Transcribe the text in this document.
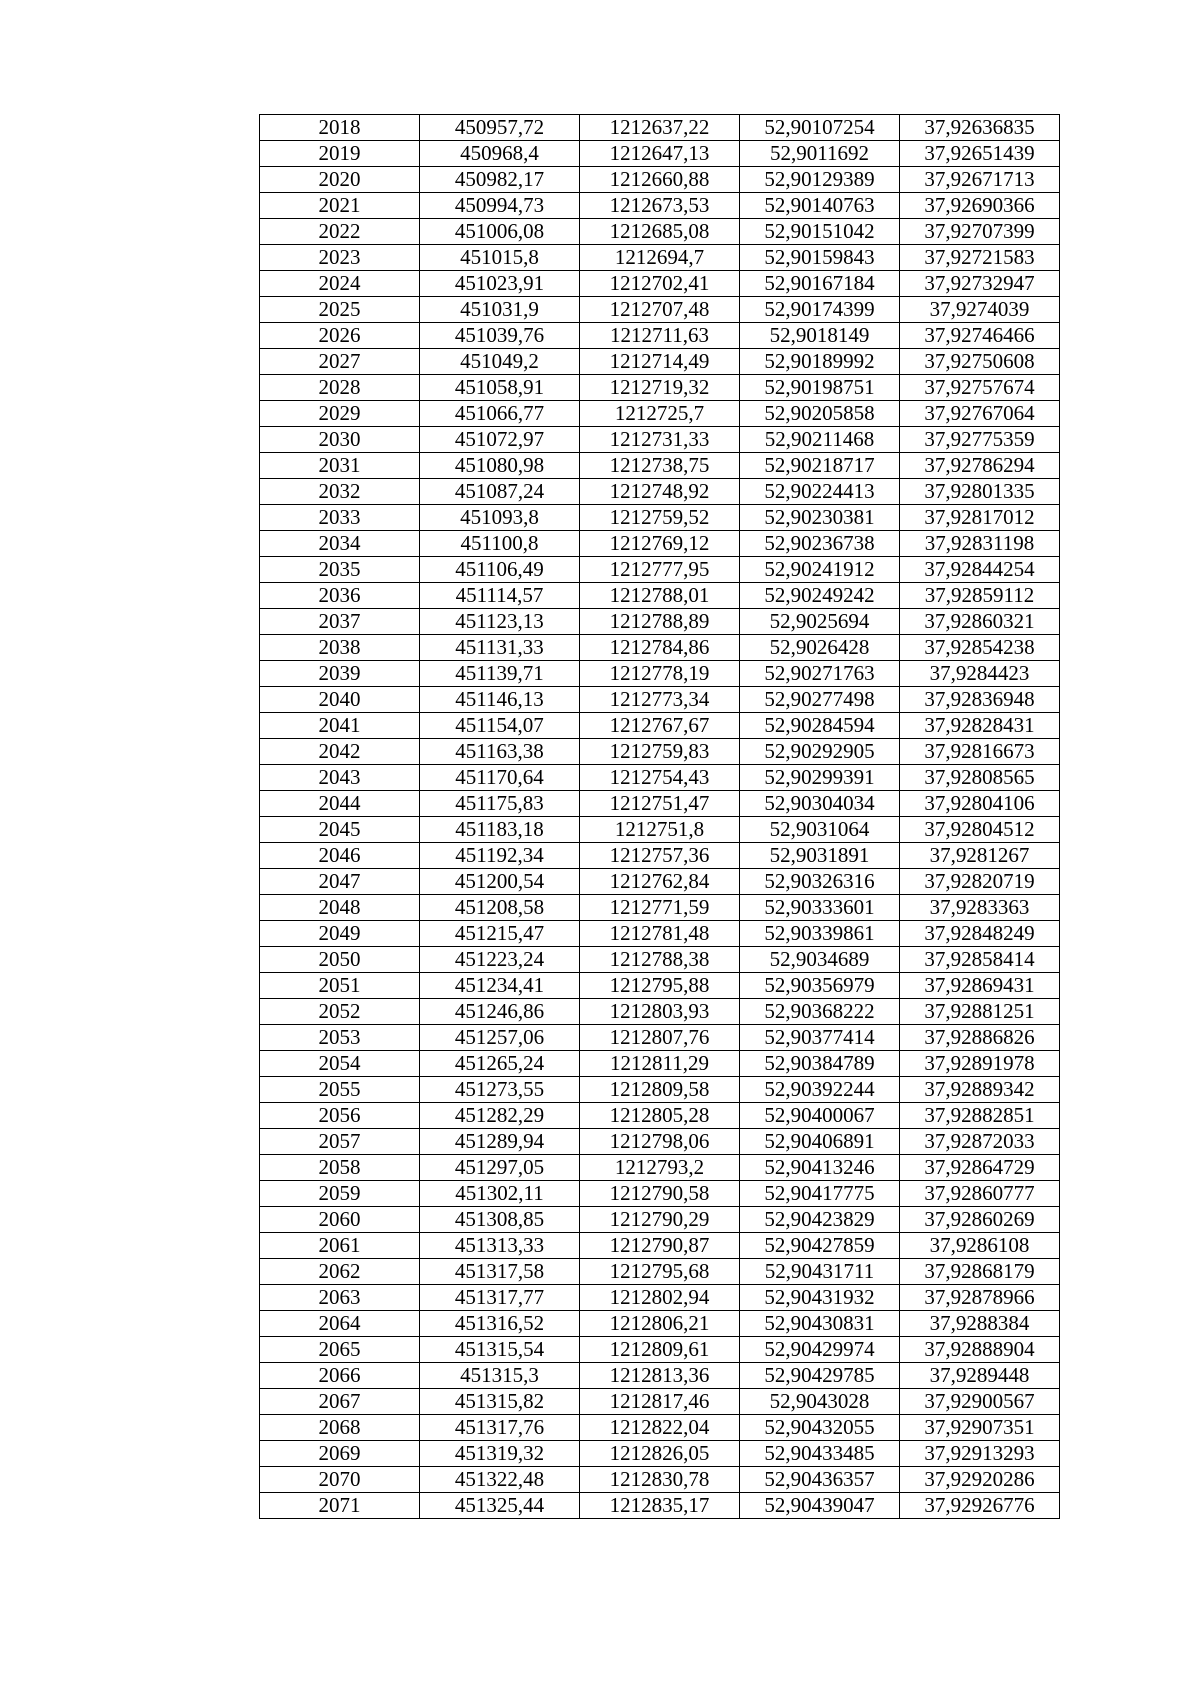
2018	450957,72	1212637,22	52,90107254	37,92636835
2019	450968,4	1212647,13	52,9011692	37,92651439
2020	450982,17	1212660,88	52,90129389	37,92671713
2021	450994,73	1212673,53	52,90140763	37,92690366
2022	451006,08	1212685,08	52,90151042	37,92707399
2023	451015,8	1212694,7	52,90159843	37,92721583
2024	451023,91	1212702,41	52,90167184	37,92732947
2025	451031,9	1212707,48	52,90174399	37,9274039
2026	451039,76	1212711,63	52,9018149	37,92746466
2027	451049,2	1212714,49	52,90189992	37,92750608
2028	451058,91	1212719,32	52,90198751	37,92757674
2029	451066,77	1212725,7	52,90205858	37,92767064
2030	451072,97	1212731,33	52,90211468	37,92775359
2031	451080,98	1212738,75	52,90218717	37,92786294
2032	451087,24	1212748,92	52,90224413	37,92801335
2033	451093,8	1212759,52	52,90230381	37,92817012
2034	451100,8	1212769,12	52,90236738	37,92831198
2035	451106,49	1212777,95	52,90241912	37,92844254
2036	451114,57	1212788,01	52,90249242	37,92859112
2037	451123,13	1212788,89	52,9025694	37,92860321
2038	451131,33	1212784,86	52,9026428	37,92854238
2039	451139,71	1212778,19	52,90271763	37,9284423
2040	451146,13	1212773,34	52,90277498	37,92836948
2041	451154,07	1212767,67	52,90284594	37,92828431
2042	451163,38	1212759,83	52,90292905	37,92816673
2043	451170,64	1212754,43	52,90299391	37,92808565
2044	451175,83	1212751,47	52,90304034	37,92804106
2045	451183,18	1212751,8	52,9031064	37,92804512
2046	451192,34	1212757,36	52,9031891	37,9281267
2047	451200,54	1212762,84	52,90326316	37,92820719
2048	451208,58	1212771,59	52,90333601	37,9283363
2049	451215,47	1212781,48	52,90339861	37,92848249
2050	451223,24	1212788,38	52,9034689	37,92858414
2051	451234,41	1212795,88	52,90356979	37,92869431
2052	451246,86	1212803,93	52,90368222	37,92881251
2053	451257,06	1212807,76	52,90377414	37,92886826
2054	451265,24	1212811,29	52,90384789	37,92891978
2055	451273,55	1212809,58	52,90392244	37,92889342
2056	451282,29	1212805,28	52,90400067	37,92882851
2057	451289,94	1212798,06	52,90406891	37,92872033
2058	451297,05	1212793,2	52,90413246	37,92864729
2059	451302,11	1212790,58	52,90417775	37,92860777
2060	451308,85	1212790,29	52,90423829	37,92860269
2061	451313,33	1212790,87	52,90427859	37,9286108
2062	451317,58	1212795,68	52,90431711	37,92868179
2063	451317,77	1212802,94	52,90431932	37,92878966
2064	451316,52	1212806,21	52,90430831	37,9288384
2065	451315,54	1212809,61	52,90429974	37,92888904
2066	451315,3	1212813,36	52,90429785	37,9289448
2067	451315,82	1212817,46	52,9043028	37,92900567
2068	451317,76	1212822,04	52,90432055	37,92907351
2069	451319,32	1212826,05	52,90433485	37,92913293
2070	451322,48	1212830,78	52,90436357	37,92920286
2071	451325,44	1212835,17	52,90439047	37,92926776
